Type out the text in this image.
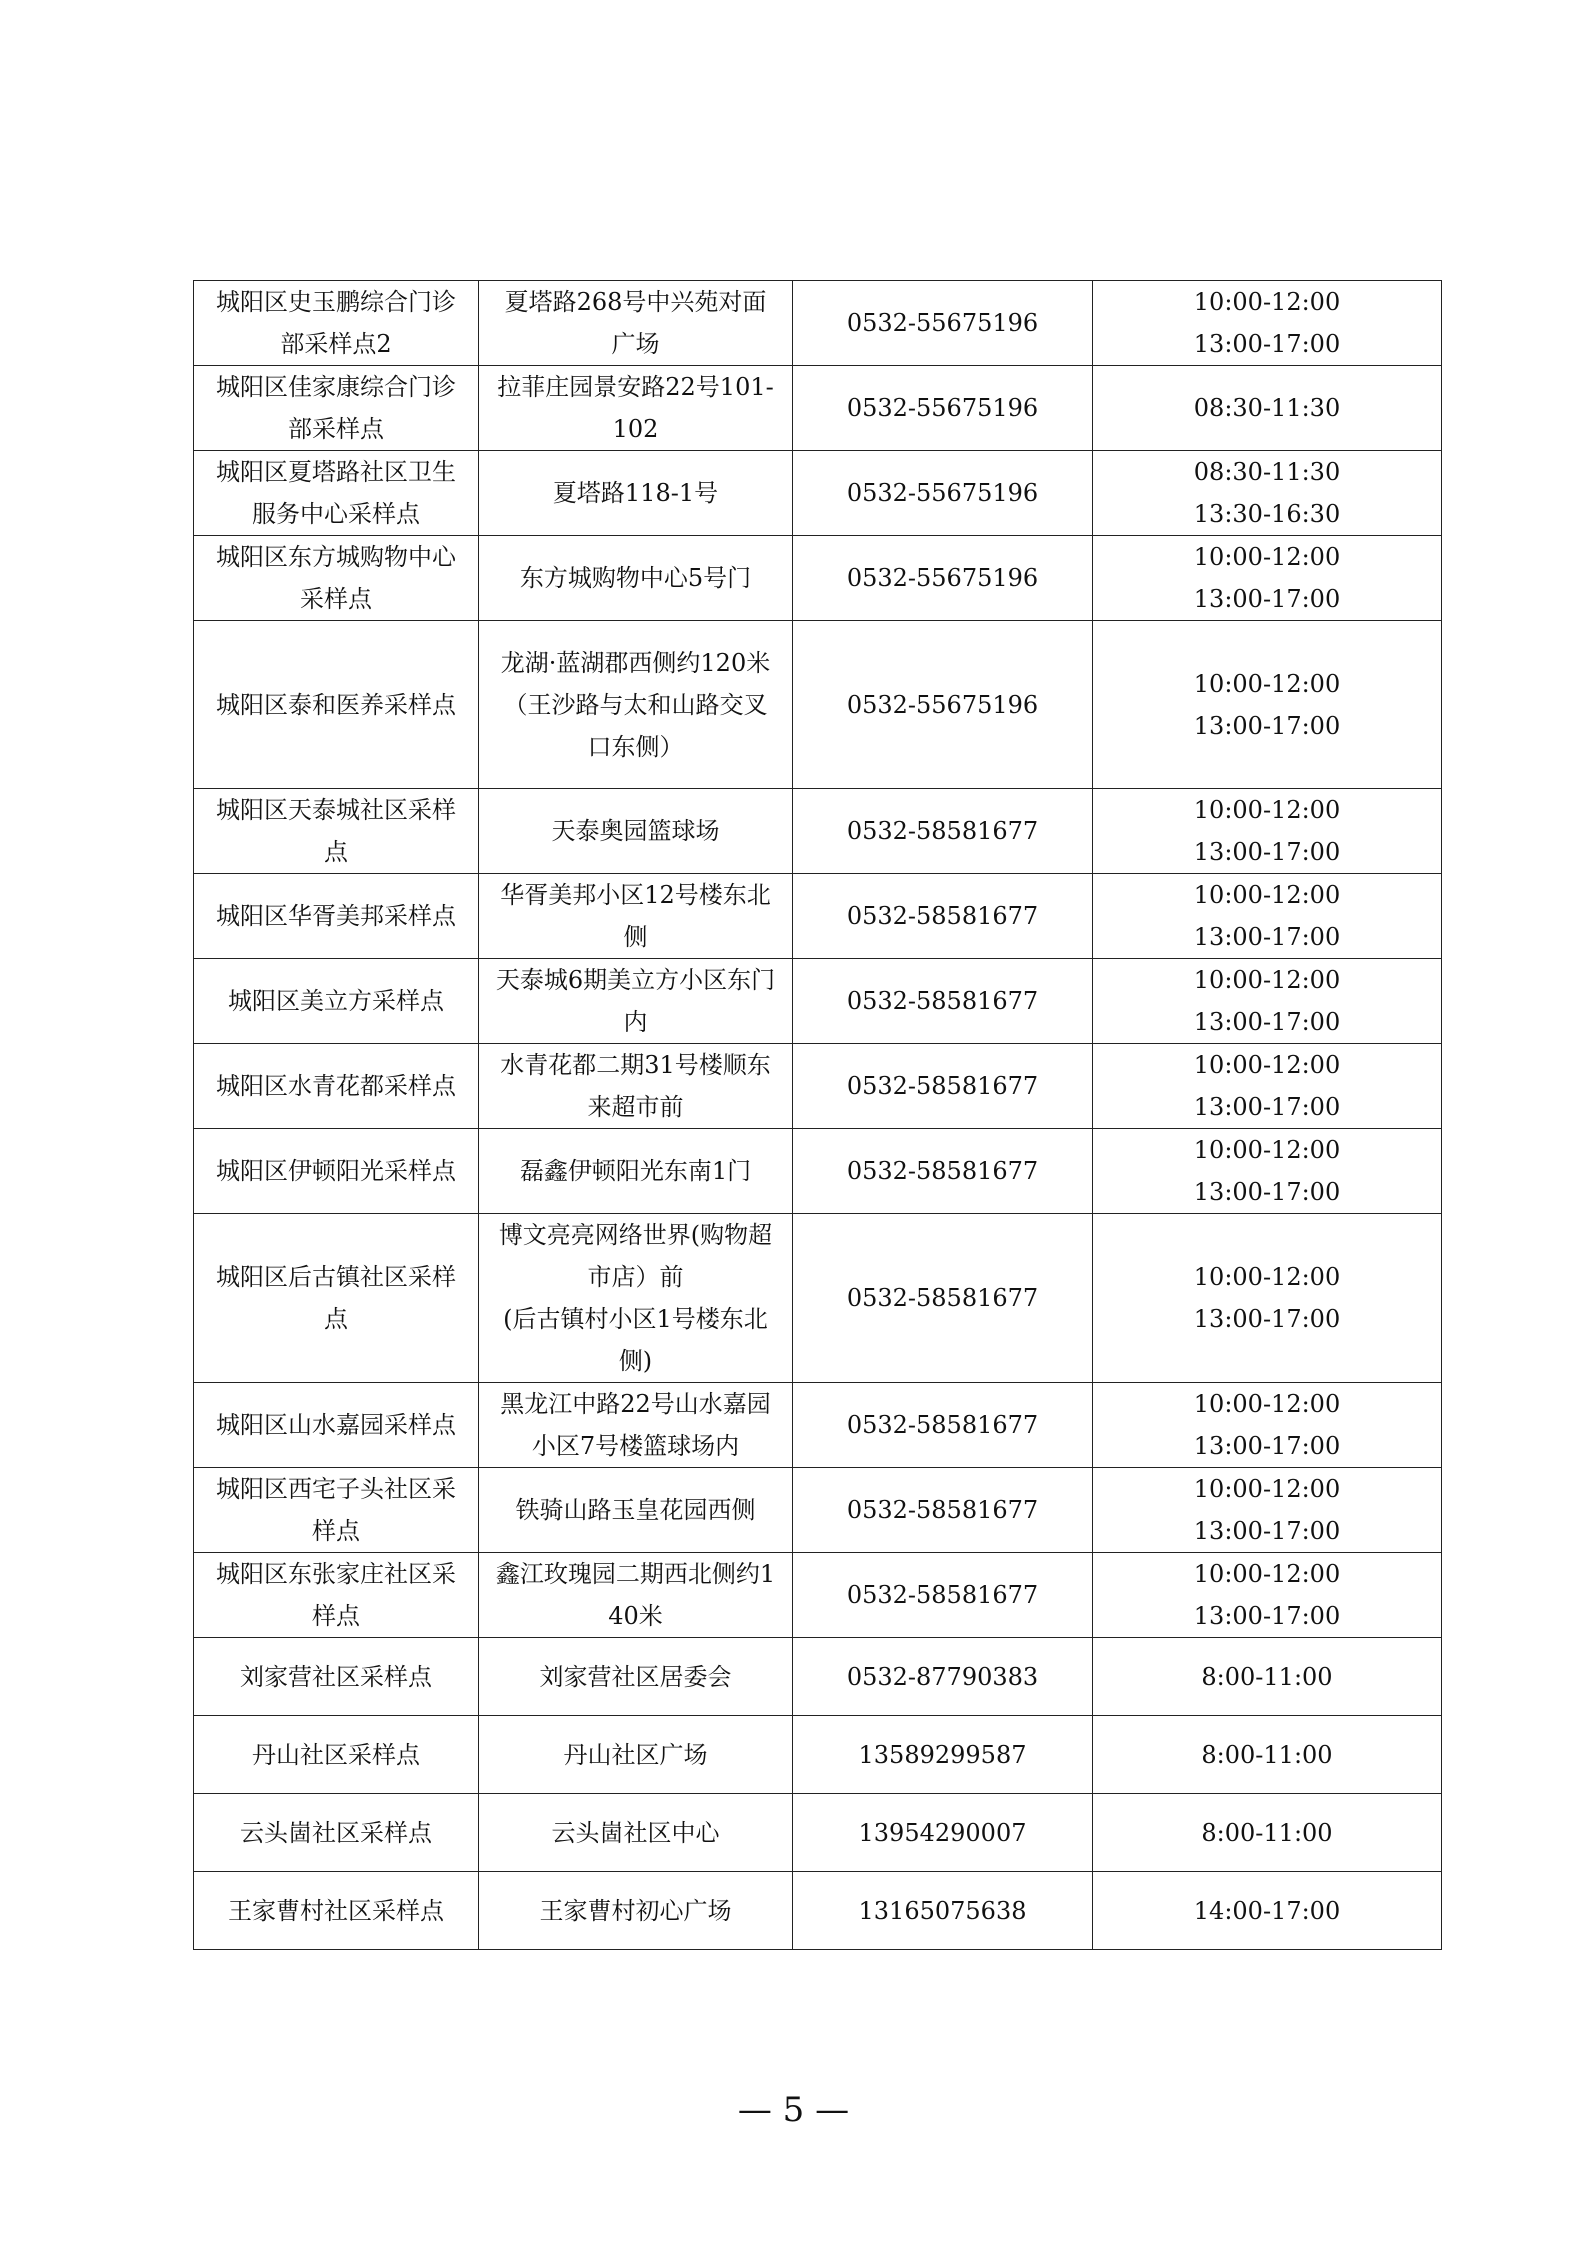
城阳区史玉鹏综合门诊部采样点2	夏塔路268号中兴苑对面广场	0532-55675196	10:00-12:00
13:00-17:00

城阳区佳家康综合门诊部采样点	拉菲庄园景安路22号101-102	0532-55675196	08:30-11:30

城阳区夏塔路社区卫生服务中心采样点	夏塔路118-1号	0532-55675196	08:30-11:30
13:30-16:30

城阳区东方城购物中心采样点	东方城购物中心5号门	0532-55675196	10:00-12:00
13:00-17:00

城阳区泰和医养采样点	龙湖·蓝湖郡西侧约120米
（王沙路与太和山路交叉口东侧）	0532-55675196	10:00-12:00
13:00-17:00

城阳区天泰城社区采样点	天泰奥园篮球场	0532-58581677	10:00-12:00
13:00-17:00

城阳区华胥美邦采样点	华胥美邦小区12号楼东北侧	0532-58581677	10:00-12:00
13:00-17:00

城阳区美立方采样点	天泰城6期美立方小区东门内	0532-58581677	10:00-12:00
13:00-17:00

城阳区水青花都采样点	水青花都二期31号楼顺东来超市前	0532-58581677	10:00-12:00
13:00-17:00

城阳区伊顿阳光采样点	磊鑫伊顿阳光东南1门	0532-58581677	10:00-12:00
13:00-17:00

城阳区后古镇社区采样点	博文亮亮网络世界(购物超市店）前
(后古镇村小区1号楼东北侧)	0532-58581677	10:00-12:00
13:00-17:00

城阳区山水嘉园采样点	黑龙江中路22号山水嘉园小区7号楼篮球场内	0532-58581677	10:00-12:00
13:00-17:00

城阳区西宅子头社区采样点	铁骑山路玉皇花园西侧	0532-58581677	10:00-12:00
13:00-17:00

城阳区东张家庄社区采样点	鑫江玫瑰园二期西北侧约140米	0532-58581677	10:00-12:00
13:00-17:00

刘家营社区采样点	刘家营社区居委会	0532-87790383	8:00-11:00

丹山社区采样点	丹山社区广场	13589299587	8:00-11:00

云头崮社区采样点	云头崮社区中心	13954290007	8:00-11:00

王家曹村社区采样点	王家曹村初心广场	13165075638	14:00-17:00
— 5 —
